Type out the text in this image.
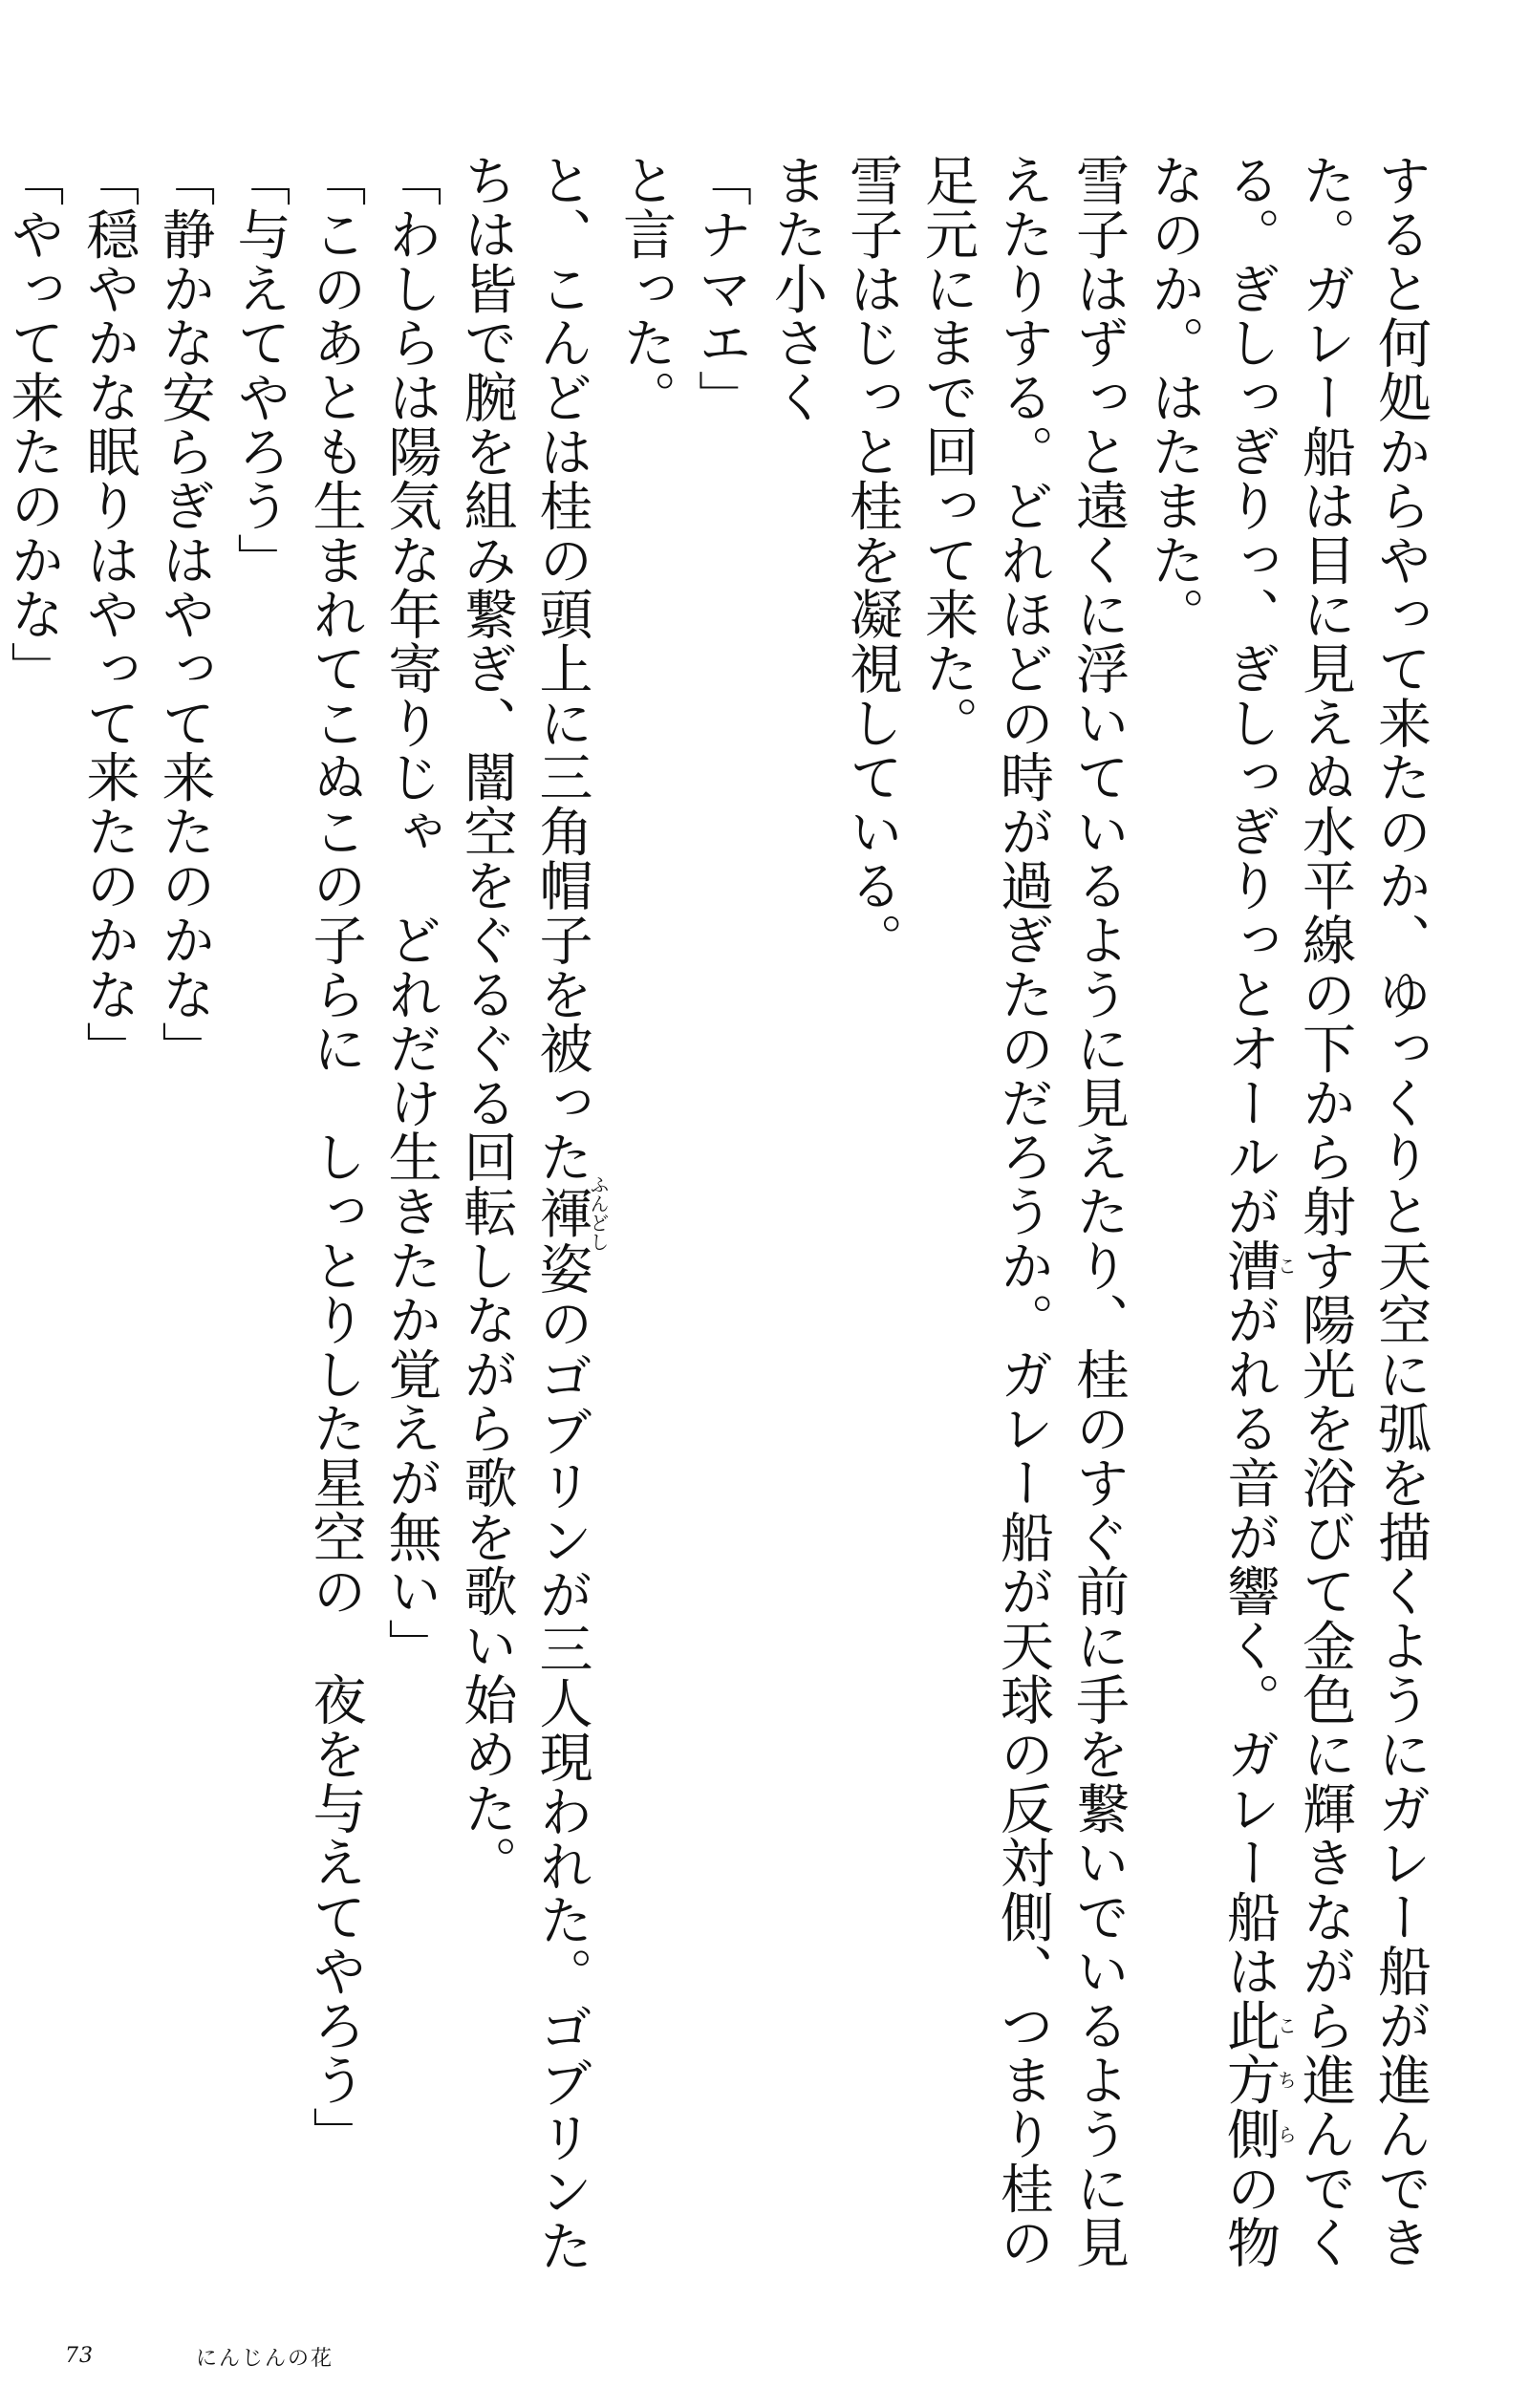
すると何処からやって来たのか、ゆっくりと天空に弧を描くようにガレー船が進んできた。ガレー船は目に見えぬ水平線の下から射す陽光を浴びて金色に輝きながら進んでくる。ぎしっぎりっ、ぎしっぎりっとオールが漕こがれる音が響く。ガレー船は此方側こちらの物なのか。はたまた。

雪子はずっと遠くに浮いているように見えたり、桂のすぐ前に手を繋いでいるように見えたりする。どれほどの時が過ぎたのだろうか。ガレー船が天球の反対側、つまり桂の足元にまで回って来た。

雪子はじっと桂を凝視している。

また小さく

「ナマエ」

と言った。

と、こんどは桂の頭上に三角帽子を被った褌ふんどし姿のゴブリンが三人現われた。ゴブリンたちは皆で腕を組み繋ぎ、闇空をぐるぐる回転しながら歌を歌い始めた。

「わしらは陽気な年寄りじゃ　どれだけ生きたか覚えが無い」

「このあとも生まれてこぬこの子らに　しっとりした星空の　夜を与えてやろう」

「与えてやろう」

「静かな安らぎはやって来たのかな」

「穏やかな眠りはやって来たのかな」

「やって来たのかな」

73	にんじんの花
